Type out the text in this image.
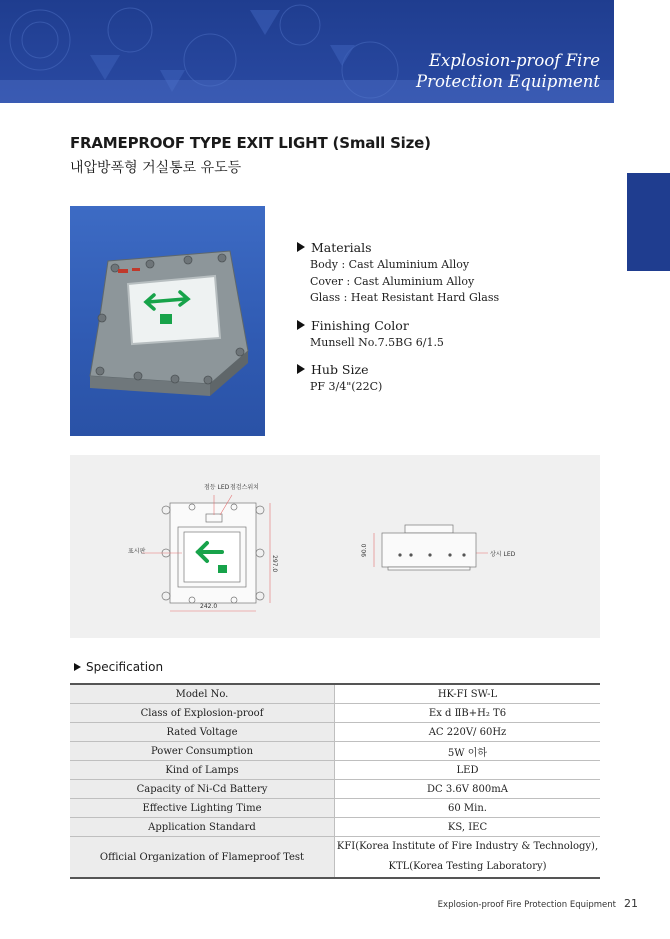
Explosion-proof Fire
Protection Equipment
FRAMEPROOF TYPE EXIT LIGHT (Small Size)
내압방폭형 거실통로 유도등
Materials
Body : Cast Aluminium Alloy
Cover : Cast Aluminium Alloy
Glass : Heat Resistant Hard Glass
Finishing Color
Munsell No.7.5BG 6/1.5
Hub Size
PF 3/4"(22C)
242.0
297.0
표시판
점등 LED 점검스위치
90.0	상시 LED
Specification
Model No.	HK-FI SW-L
Class of Explosion-proof	Ex d ⅡB+H₂ T6
Rated Voltage	AC 220V/ 60Hz
Power Consumption	5W 이하
Kind of Lamps	LED
Capacity of Ni-Cd Battery	DC 3.6V 800mA
Effective Lighting Time	60 Min.
Application Standard	KS, IEC
Official Organization of Flameproof Test	KFI(Korea Institute of Fire Industry & Technology),
KTL(Korea Testing Laboratory)
Explosion-proof Fire Protection Equipment 21
